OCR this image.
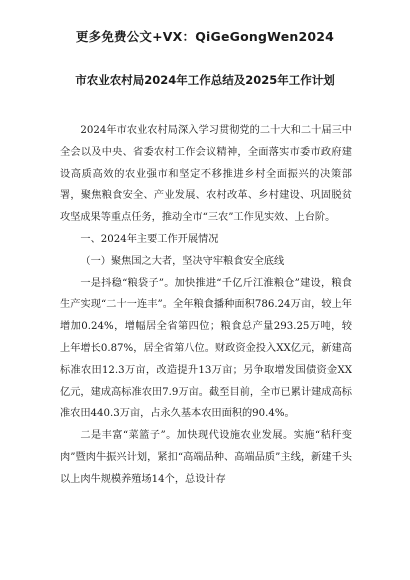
更多免费公文+VX：QiGeGongWen2024
市农业农村局2024年工作总结及2025年工作计划

2024年市农业农村局深入学习贯彻党的二十大和二十届三中全会以及中央、省委农村工作会议精神，全面落实市委市政府建设高质高效的农业强市和坚定不移推进乡村全面振兴的决策部署，聚焦粮食安全、产业发展、农村改革、乡村建设、巩固脱贫攻坚成果等重点任务，推动全市“三农”工作见实效、上台阶。

一、2024年主要工作开展情况

（一）聚焦国之大者，坚决守牢粮食安全底线

一是抖稳“粮袋子”。加快推进“千亿斤江淮粮仓”建设，粮食生产实现“二十一连丰”。全年粮食播种面积786.24万亩，较上年增加0.24%，增幅居全省第四位；粮食总产量293.25万吨，较上年增长0.87%，居全省第八位。财政资金投入XX亿元，新建高标准农田12.3万亩，改造提升13万亩；另争取增发国债资金XX亿元，建成高标准农田7.9万亩。截至目前，全市已累计建成高标准农田440.3万亩，占永久基本农田面积的90.4%。

二是丰富“菜篮子”。加快现代设施农业发展。实施“秸秆变肉”暨肉牛振兴计划，紧扣“高端品种、高端品质”主线，新建千头以上肉牛规模养殖场14个，总设计存
